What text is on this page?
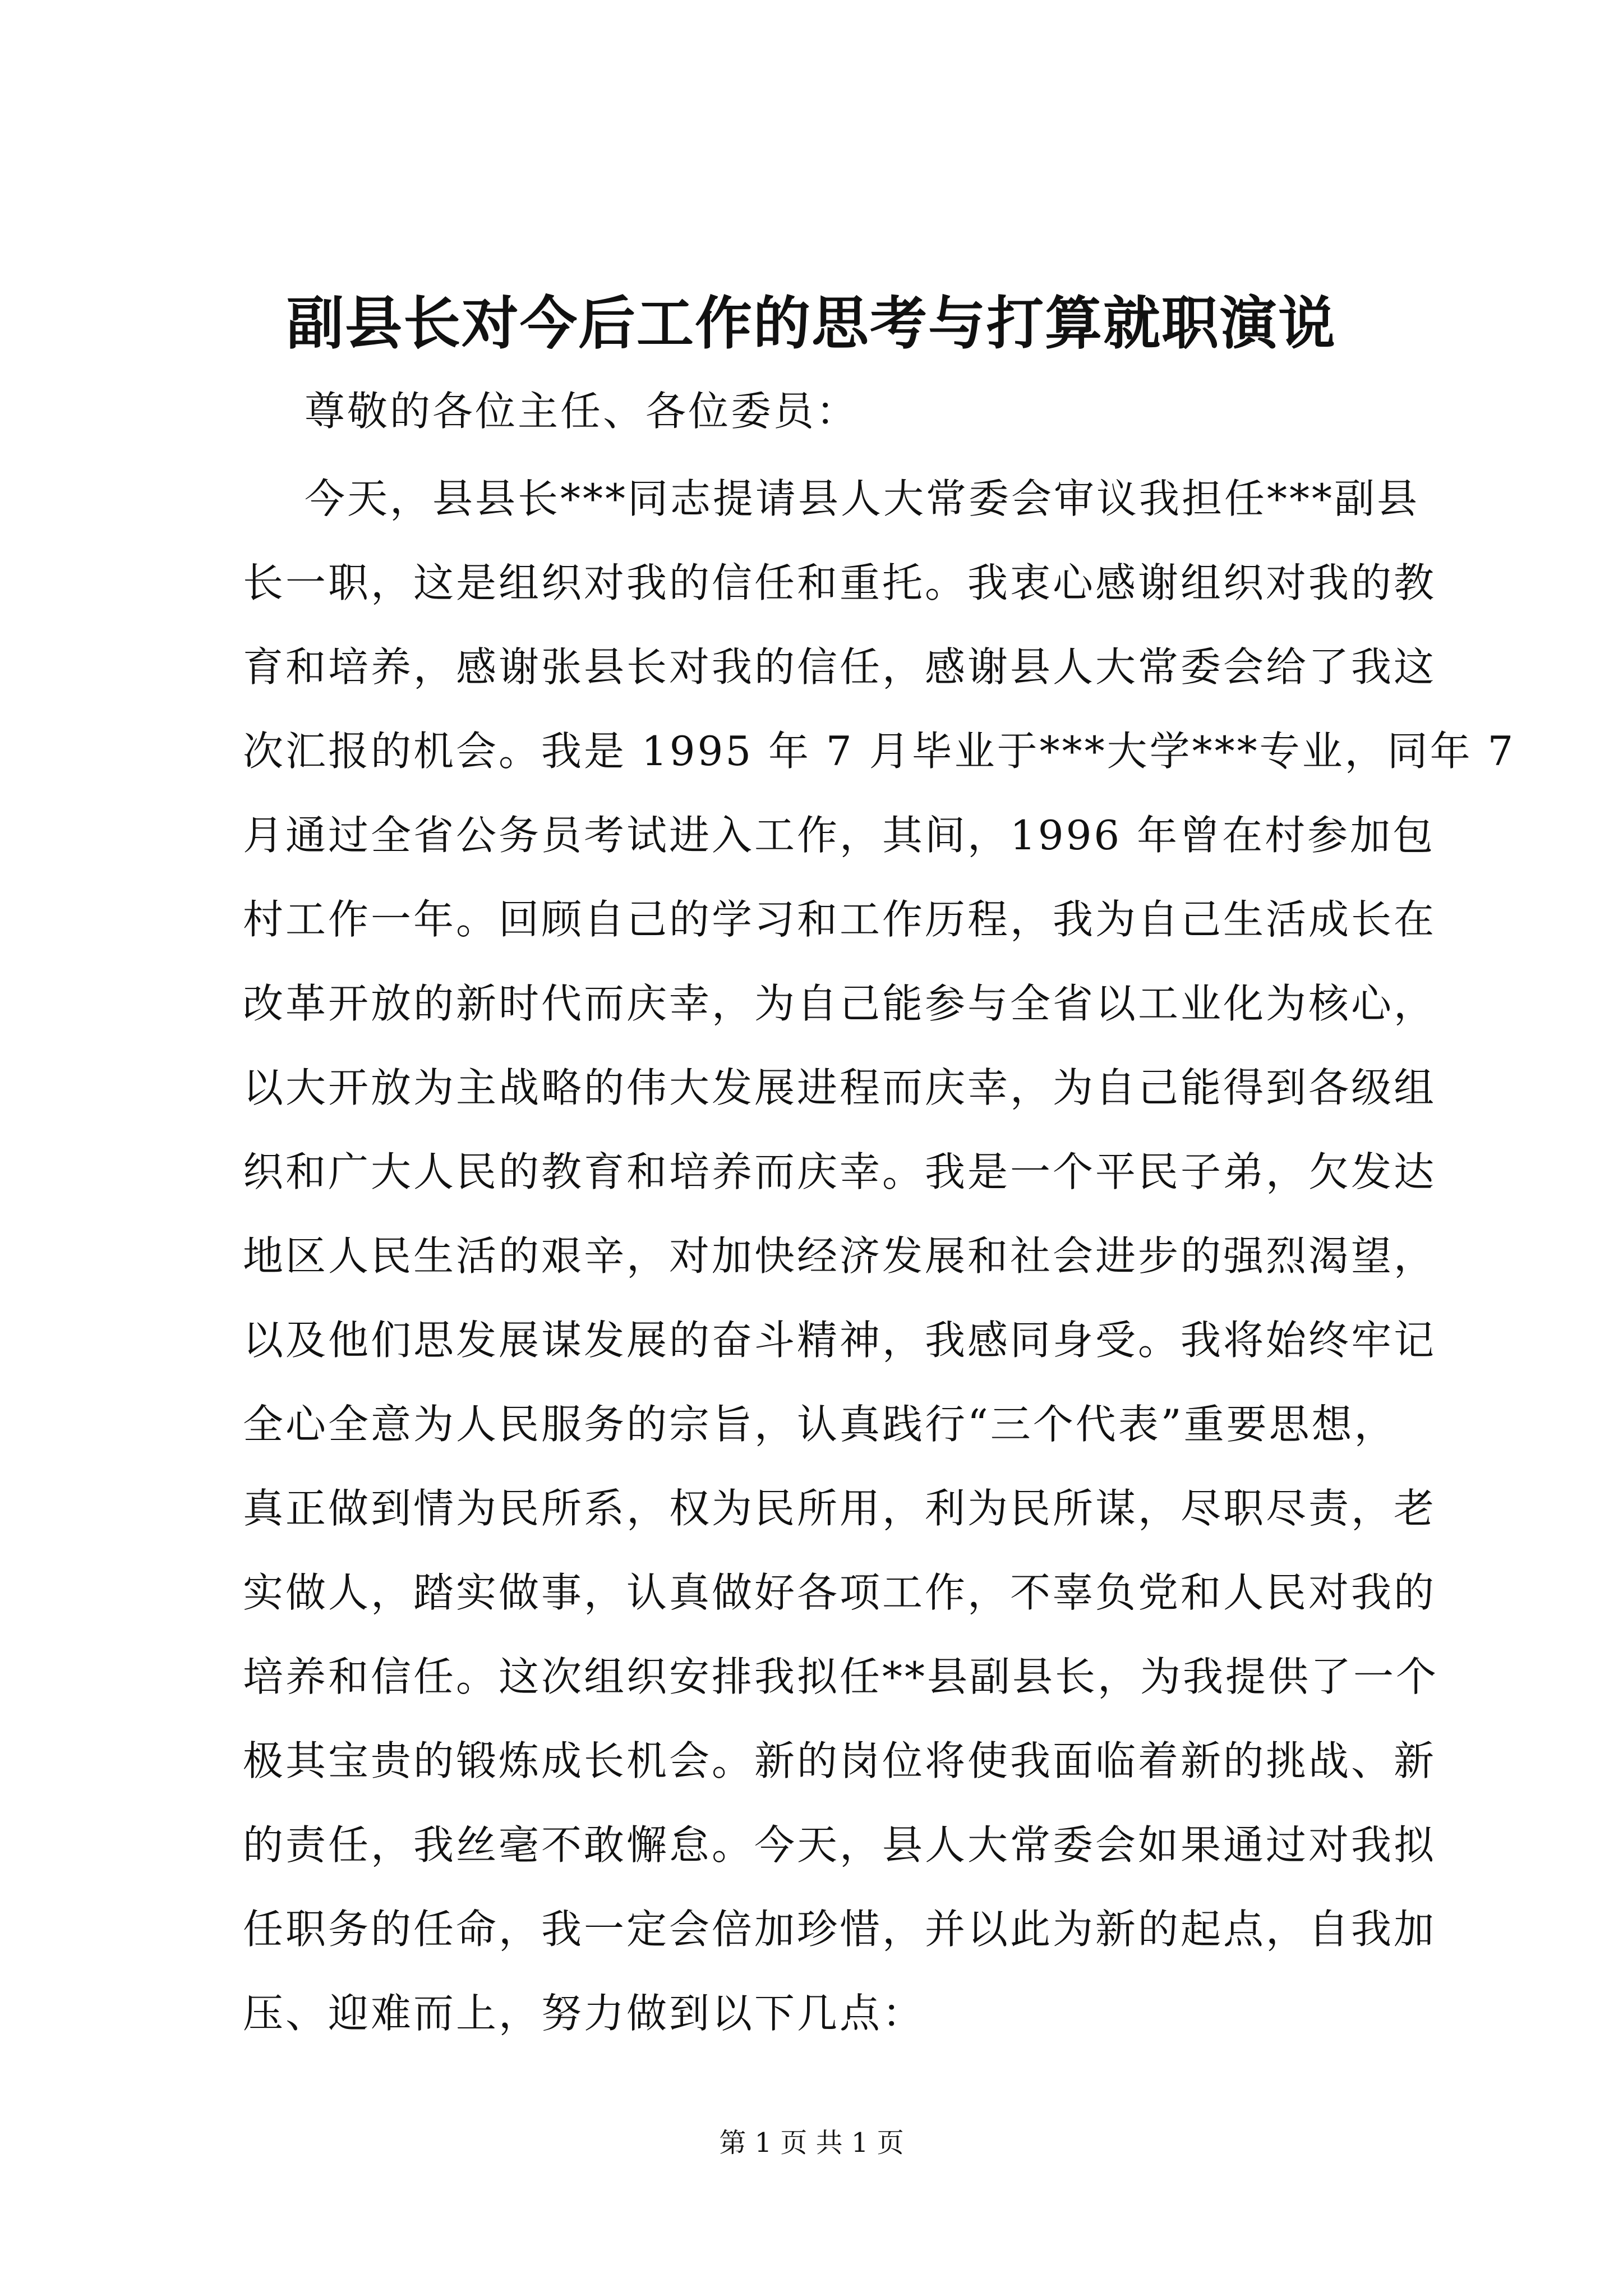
副县长对今后工作的思考与打算就职演说
尊敬的各位主任、各位委员：
今天，县县长***同志提请县人大常委会审议我担任***副县
长一职，这是组织对我的信任和重托。我衷心感谢组织对我的教
育和培养，感谢张县长对我的信任，感谢县人大常委会给了我这
次汇报的机会。我是 1995 年 7 月毕业于***大学***专业，同年 7
月通过全省公务员考试进入工作，其间，1996 年曾在村参加包
村工作一年。回顾自己的学习和工作历程，我为自己生活成长在
改革开放的新时代而庆幸，为自己能参与全省以工业化为核心，
以大开放为主战略的伟大发展进程而庆幸，为自己能得到各级组
织和广大人民的教育和培养而庆幸。我是一个平民子弟，欠发达
地区人民生活的艰辛，对加快经济发展和社会进步的强烈渴望，
以及他们思发展谋发展的奋斗精神，我感同身受。我将始终牢记
全心全意为人民服务的宗旨，认真践行“三个代表”重要思想，
真正做到情为民所系，权为民所用，利为民所谋，尽职尽责，老
实做人，踏实做事，认真做好各项工作，不辜负党和人民对我的
培养和信任。这次组织安排我拟任**县副县长，为我提供了一个
极其宝贵的锻炼成长机会。新的岗位将使我面临着新的挑战、新
的责任，我丝毫不敢懈怠。今天，县人大常委会如果通过对我拟
任职务的任命，我一定会倍加珍惜，并以此为新的起点，自我加
压、迎难而上，努力做到以下几点：
第 1 页 共 1 页
